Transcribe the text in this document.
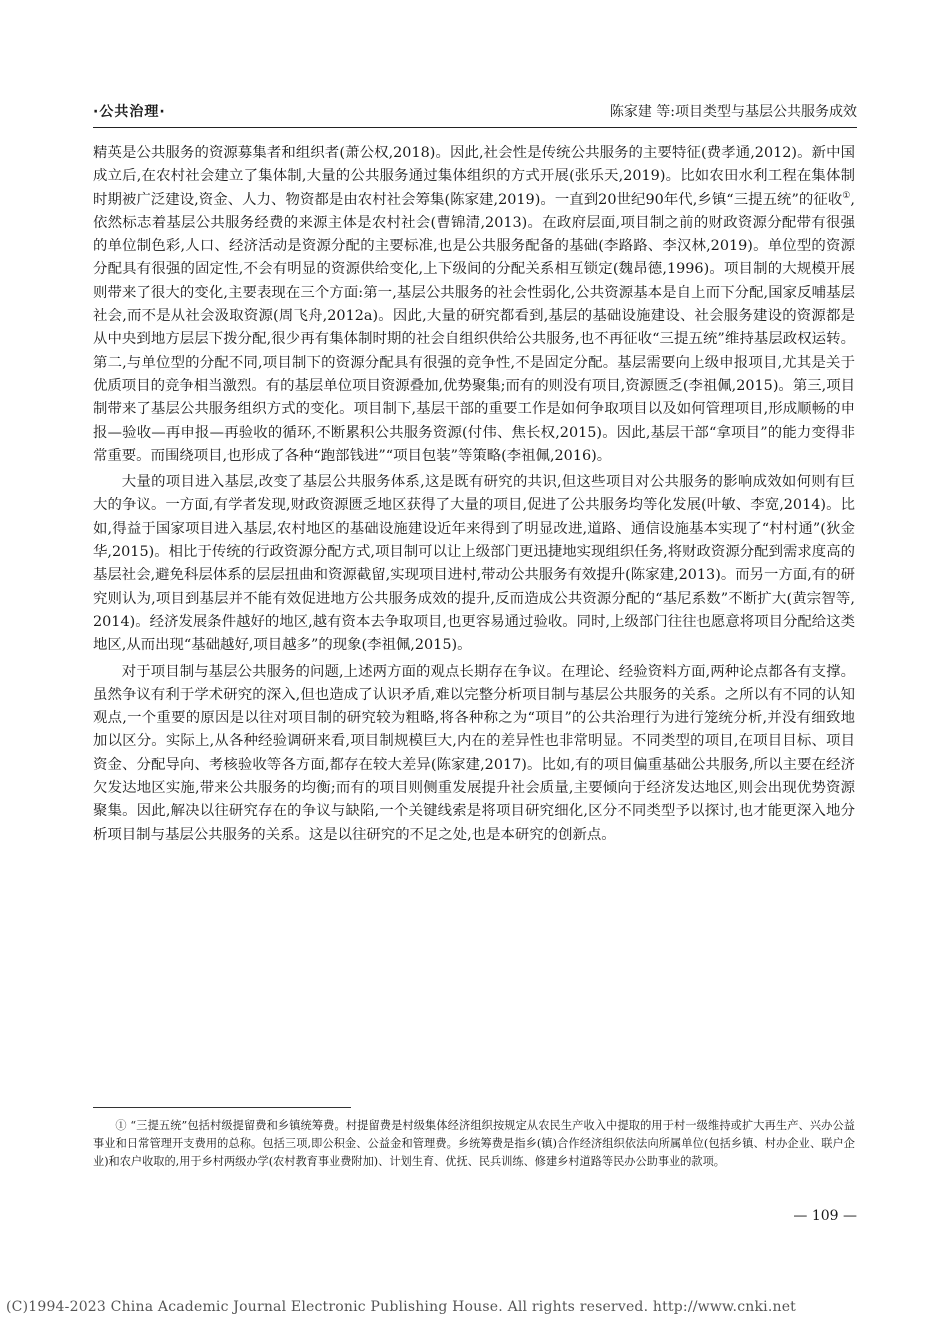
·公共治理·	陈家建 等:项目类型与基层公共服务成效

精英是公共服务的资源募集者和组织者(萧公权,2018)。因此,社会性是传统公共服务的主要特征(费孝通,2012)。新中国成立后,在农村社会建立了集体制,大量的公共服务通过集体组织的方式开展(张乐天,2019)。比如农田水利工程在集体制时期被广泛建设,资金、人力、物资都是由农村社会筹集(陈家建,2019)。一直到20世纪90年代,乡镇“三提五统”的征收①,依然标志着基层公共服务经费的来源主体是农村社会(曹锦清,2013)。在政府层面,项目制之前的财政资源分配带有很强的单位制色彩,人口、经济活动是资源分配的主要标准,也是公共服务配备的基础(李路路、李汉林,2019)。单位型的资源分配具有很强的固定性,不会有明显的资源供给变化,上下级间的分配关系相互锁定(魏昂德,1996)。项目制的大规模开展则带来了很大的变化,主要表现在三个方面:第一,基层公共服务的社会性弱化,公共资源基本是自上而下分配,国家反哺基层社会,而不是从社会汲取资源(周飞舟,2012a)。因此,大量的研究都看到,基层的基础设施建设、社会服务建设的资源都是从中央到地方层层下拨分配,很少再有集体制时期的社会自组织供给公共服务,也不再征收“三提五统”维持基层政权运转。第二,与单位型的分配不同,项目制下的资源分配具有很强的竞争性,不是固定分配。基层需要向上级申报项目,尤其是关于优质项目的竞争相当激烈。有的基层单位项目资源叠加,优势聚集;而有的则没有项目,资源匮乏(李祖佩,2015)。第三,项目制带来了基层公共服务组织方式的变化。项目制下,基层干部的重要工作是如何争取项目以及如何管理项目,形成顺畅的申报—验收—再申报—再验收的循环,不断累积公共服务资源(付伟、焦长权,2015)。因此,基层干部“拿项目”的能力变得非常重要。而围绕项目,也形成了各种“跑部钱进”“项目包装”等策略(李祖佩,2016)。

大量的项目进入基层,改变了基层公共服务体系,这是既有研究的共识,但这些项目对公共服务的影响成效如何则有巨大的争议。一方面,有学者发现,财政资源匮乏地区获得了大量的项目,促进了公共服务均等化发展(叶敏、李宽,2014)。比如,得益于国家项目进入基层,农村地区的基础设施建设近年来得到了明显改进,道路、通信设施基本实现了“村村通”(狄金华,2015)。相比于传统的行政资源分配方式,项目制可以让上级部门更迅捷地实现组织任务,将财政资源分配到需求度高的基层社会,避免科层体系的层层扭曲和资源截留,实现项目进村,带动公共服务有效提升(陈家建,2013)。而另一方面,有的研究则认为,项目到基层并不能有效促进地方公共服务成效的提升,反而造成公共资源分配的“基尼系数”不断扩大(黄宗智等,2014)。经济发展条件越好的地区,越有资本去争取项目,也更容易通过验收。同时,上级部门往往也愿意将项目分配给这类地区,从而出现“基础越好,项目越多”的现象(李祖佩,2015)。

对于项目制与基层公共服务的问题,上述两方面的观点长期存在争议。在理论、经验资料方面,两种论点都各有支撑。虽然争议有利于学术研究的深入,但也造成了认识矛盾,难以完整分析项目制与基层公共服务的关系。之所以有不同的认知观点,一个重要的原因是以往对项目制的研究较为粗略,将各种称之为“项目”的公共治理行为进行笼统分析,并没有细致地加以区分。实际上,从各种经验调研来看,项目制规模巨大,内在的差异性也非常明显。不同类型的项目,在项目目标、项目资金、分配导向、考核验收等各方面,都存在较大差异(陈家建,2017)。比如,有的项目偏重基础公共服务,所以主要在经济欠发达地区实施,带来公共服务的均衡;而有的项目则侧重发展提升社会质量,主要倾向于经济发达地区,则会出现优势资源聚集。因此,解决以往研究存在的争议与缺陷,一个关键线索是将项目研究细化,区分不同类型予以探讨,也才能更深入地分析项目制与基层公共服务的关系。这是以往研究的不足之处,也是本研究的创新点。

① “三提五统”包括村级提留费和乡镇统筹费。村提留费是村级集体经济组织按规定从农民生产收入中提取的用于村一级维持或扩大再生产、兴办公益事业和日常管理开支费用的总称。包括三项,即公积金、公益金和管理费。乡统筹费是指乡(镇)合作经济组织依法向所属单位(包括乡镇、村办企业、联户企业)和农户收取的,用于乡村两级办学(农村教育事业费附加)、计划生育、优抚、民兵训练、修建乡村道路等民办公助事业的款项。

— 109 —
(C)1994-2023 China Academic Journal Electronic Publishing House. All rights reserved. http://www.cnki.net
